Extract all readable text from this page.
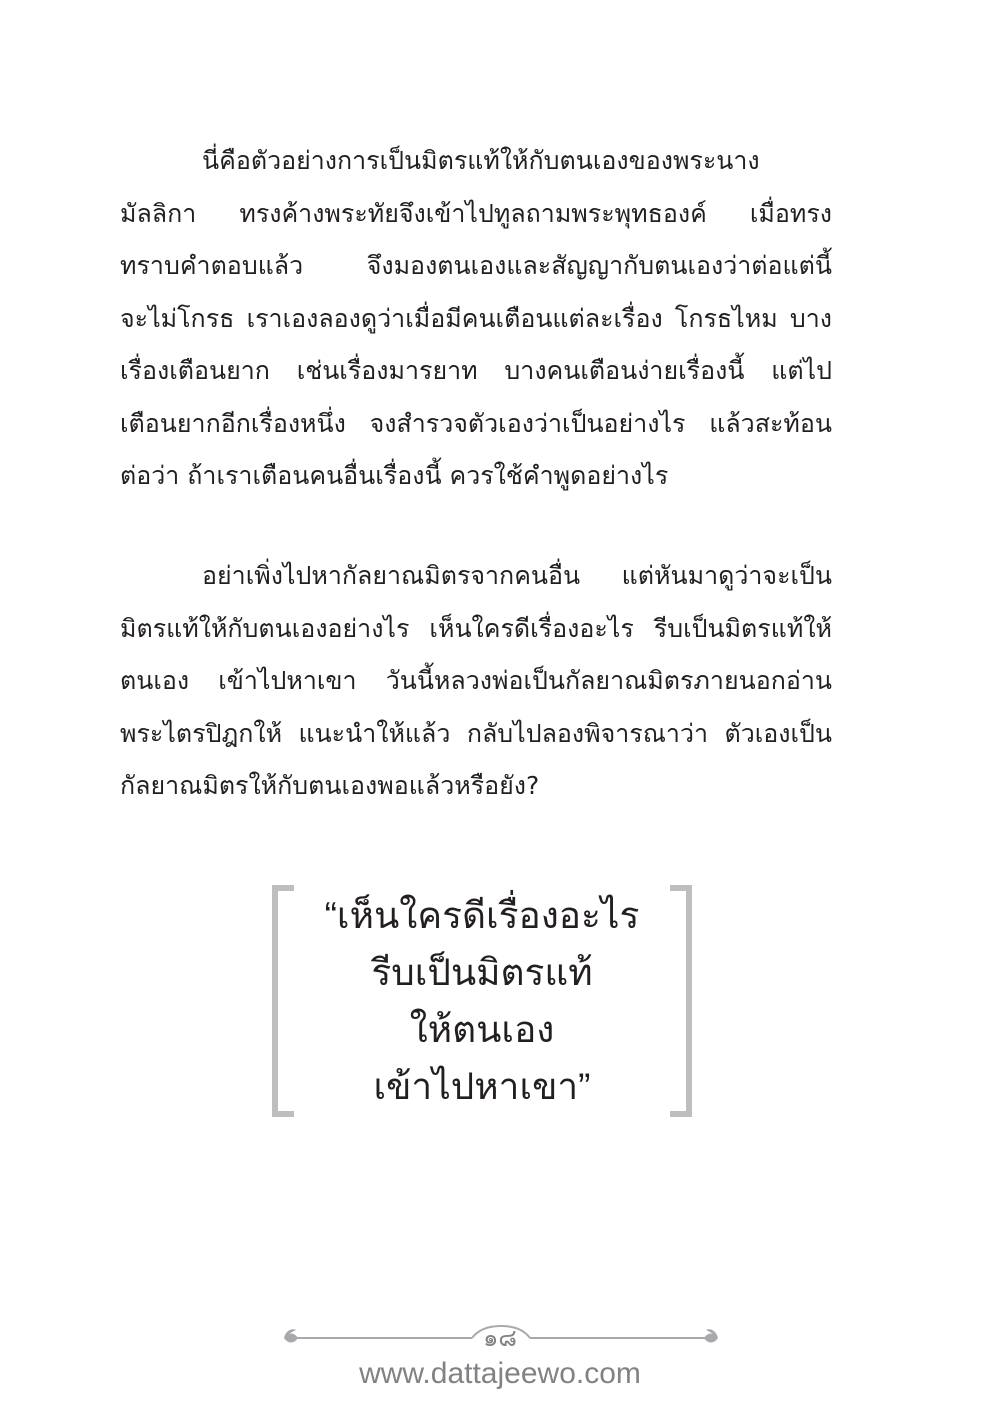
นี่คือตัวอย่างการเป็นมิตรแท้ให้กับตนเองของพระนาง
มัลลิกา ทรงค้างพระทัยจึงเข้าไปทูลถามพระพุทธองค์ เมื่อทรง
ทราบคำตอบแล้ว จึงมองตนเองและสัญญากับตนเองว่าต่อแต่นี้
จะไม่โกรธ เราเองลองดูว่าเมื่อมีคนเตือนแต่ละเรื่อง โกรธไหม บาง
เรื่องเตือนยาก เช่นเรื่องมารยาท บางคนเตือนง่ายเรื่องนี้ แต่ไป
เตือนยากอีกเรื่องหนึ่ง จงสำรวจตัวเองว่าเป็นอย่างไร แล้วสะท้อน
ต่อว่า ถ้าเราเตือนคนอื่นเรื่องนี้ ควรใช้คำพูดอย่างไร
อย่าเพิ่งไปหากัลยาณมิตรจากคนอื่น แต่หันมาดูว่าจะเป็น
มิตรแท้ให้กับตนเองอย่างไร เห็นใครดีเรื่องอะไร รีบเป็นมิตรแท้ให้
ตนเอง เข้าไปหาเขา วันนี้หลวงพ่อเป็นกัลยาณมิตรภายนอกอ่าน
พระไตรปิฎกให้ แนะนำให้แล้ว กลับไปลองพิจารณาว่า ตัวเองเป็น
กัลยาณมิตรให้กับตนเองพอแล้วหรือยัง?
“เห็นใครดีเรื่องอะไร
รีบเป็นมิตรแท้
ให้ตนเอง
เข้าไปหาเขา”
๑๘
www.dattajeewo.com
